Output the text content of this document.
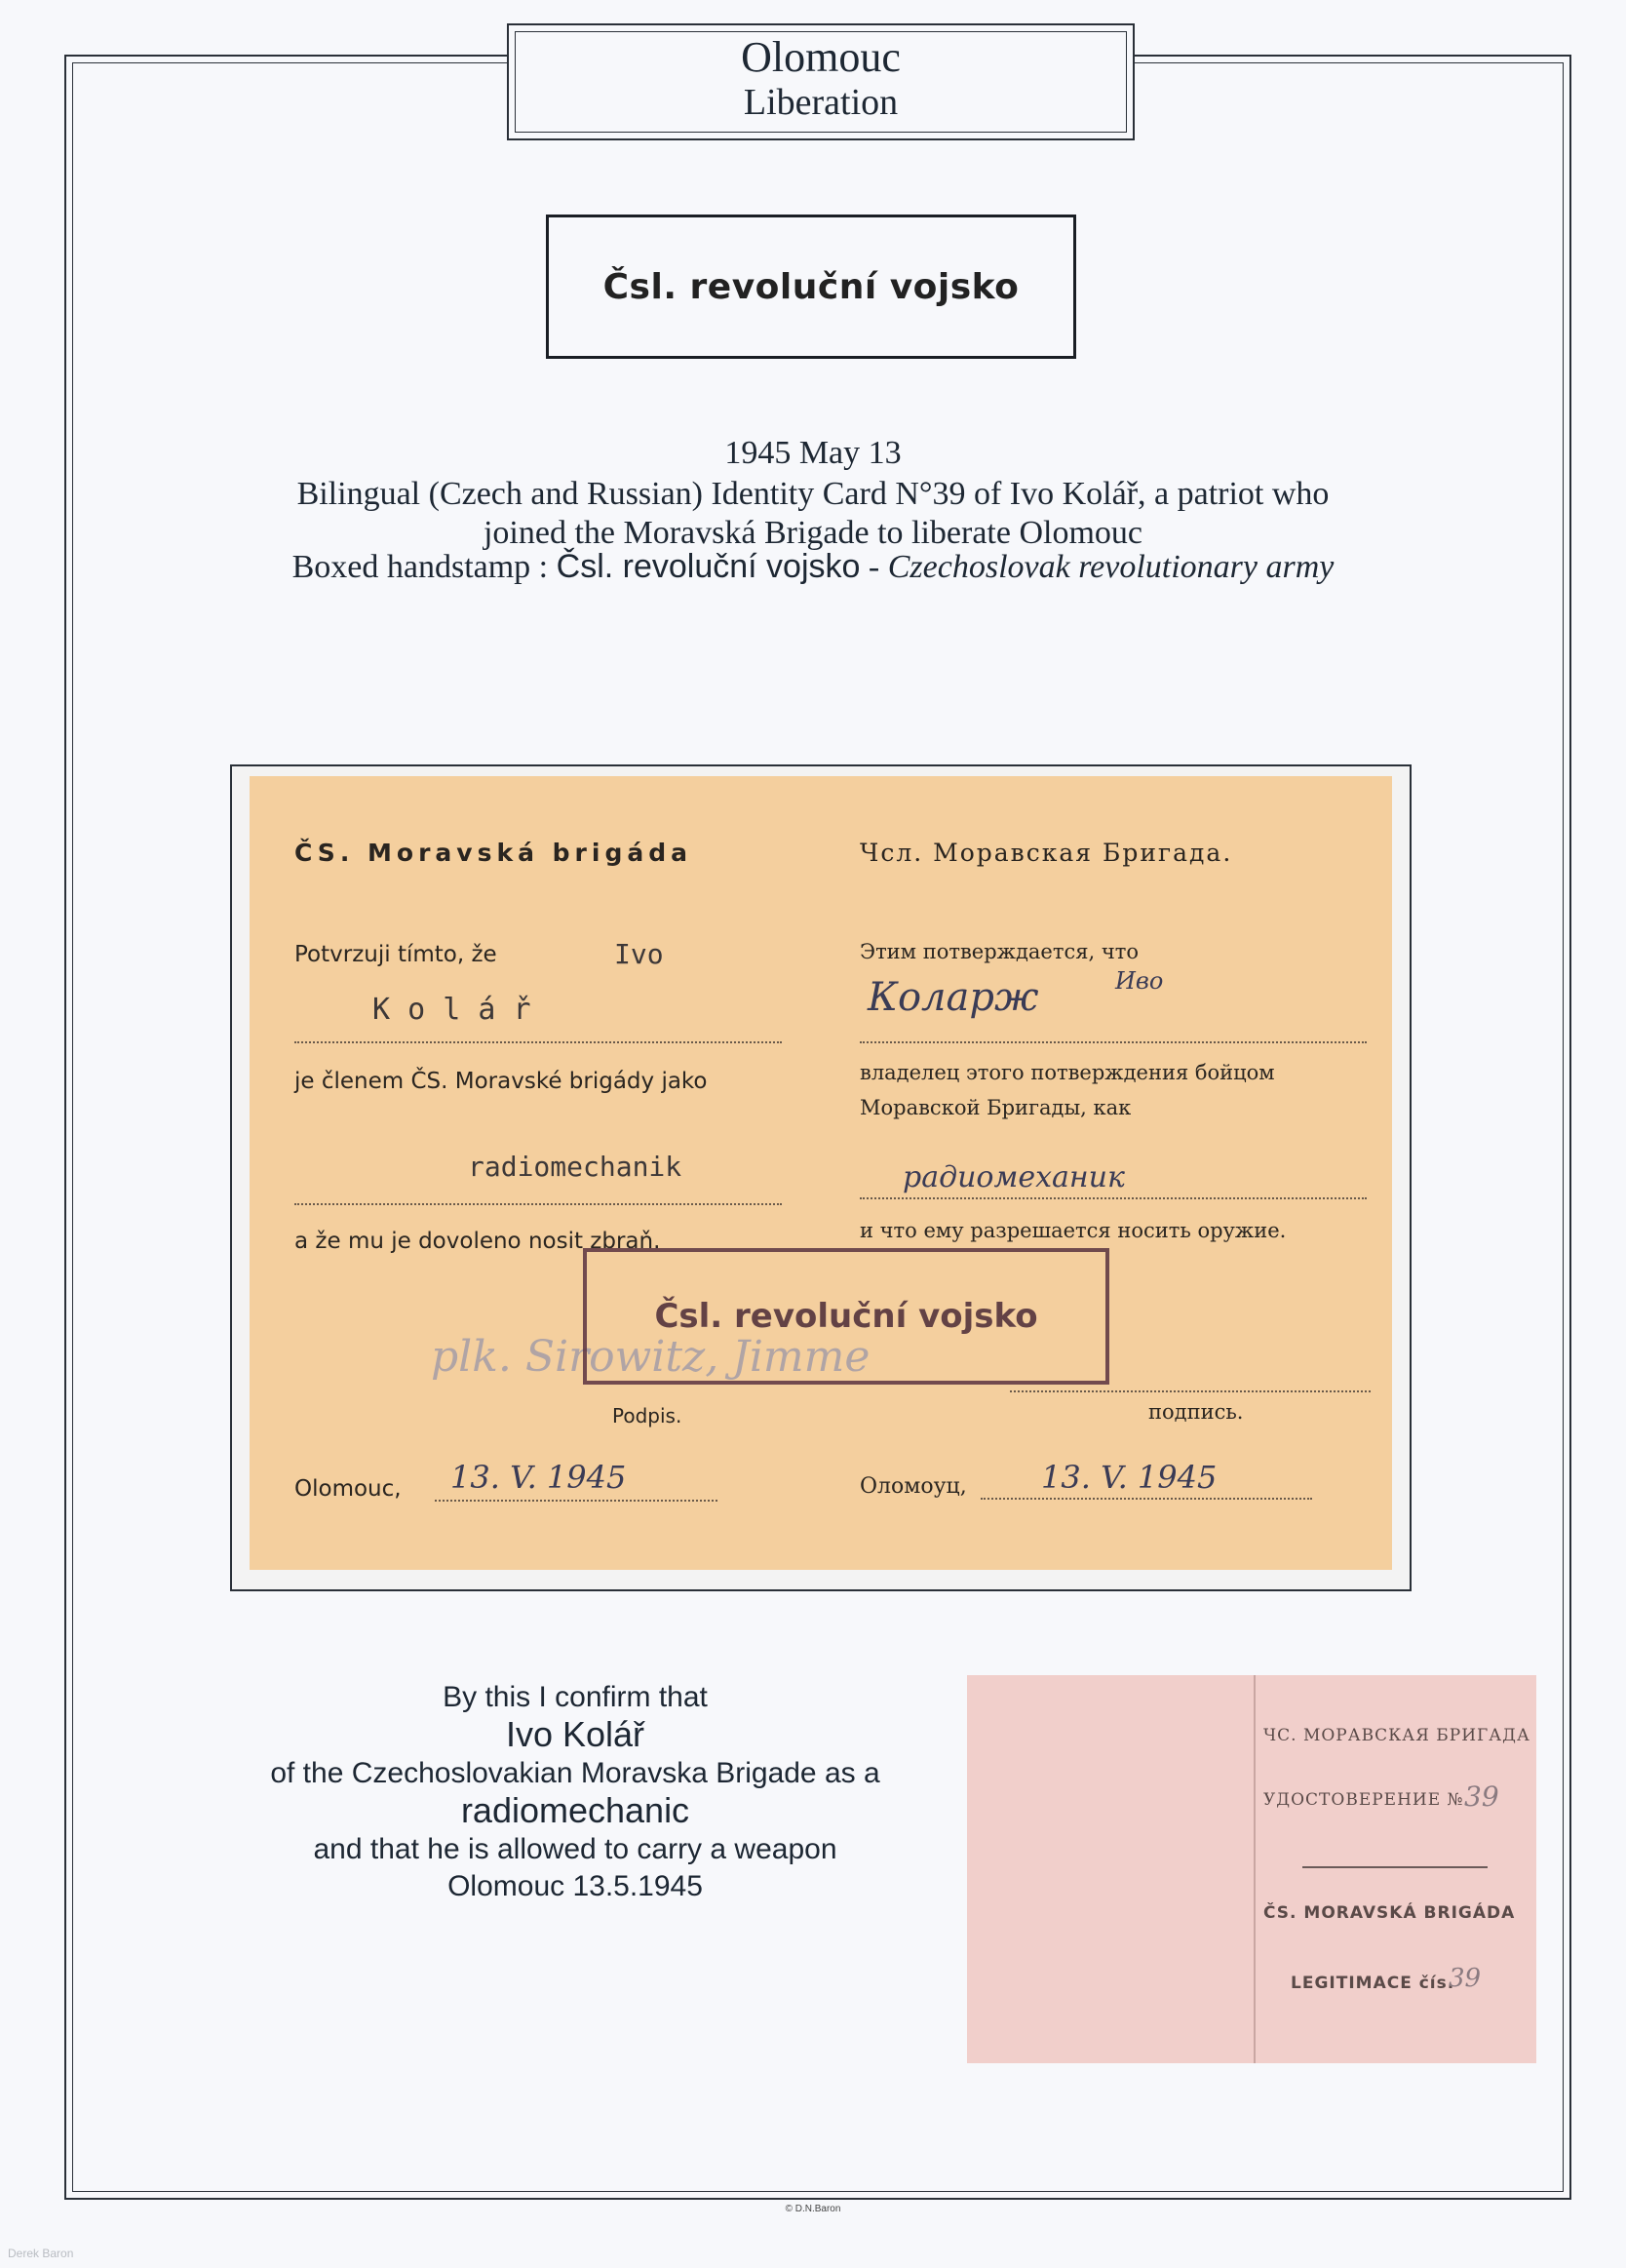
Olomouc
Liberation
Čsl. revoluční vojsko
1945 May 13
Bilingual (Czech and Russian) Identity Card N°39 of Ivo Kolář, a patriot who
joined the Moravská Brigade to liberate Olomouc
Boxed handstamp : Čsl. revoluční vojsko - Czechoslovak revolutionary army
ČS. Moravská brigáda
Potvrzuji tímto, že	Ivo
K o l á ř
je členem ČS. Moravské brigády jako
radiomechanik
a že mu je dovoleno nosit zbraň.
Podpis.
Olomouc, 13. V. 1945
Чсл. Моравская Бригада.
Этим потверждается, что
Коларж	Иво
владелец этого потверждения бойцом
Моравской Бригады, как
радиомеханик
и что ему разрешается носить оружие.
подпись.
Оломоуц, 13. V. 1945
plk. Sirowitz, Jimme
Čsl. revoluční vojsko
By this I confirm that
Ivo Kolář
of the Czechoslovakian Moravska Brigade as a
radiomechanic
and that he is allowed to carry a weapon
Olomouc 13.5.1945
ЧС. МОРАВСКАЯ БРИГАДА
УДОСТОВЕРЕНИЕ № 39
ČS. MORAVSKÁ BRIGÁDA
LEGITIMACE čís.
39
© D.N.Baron
Derek Baron
